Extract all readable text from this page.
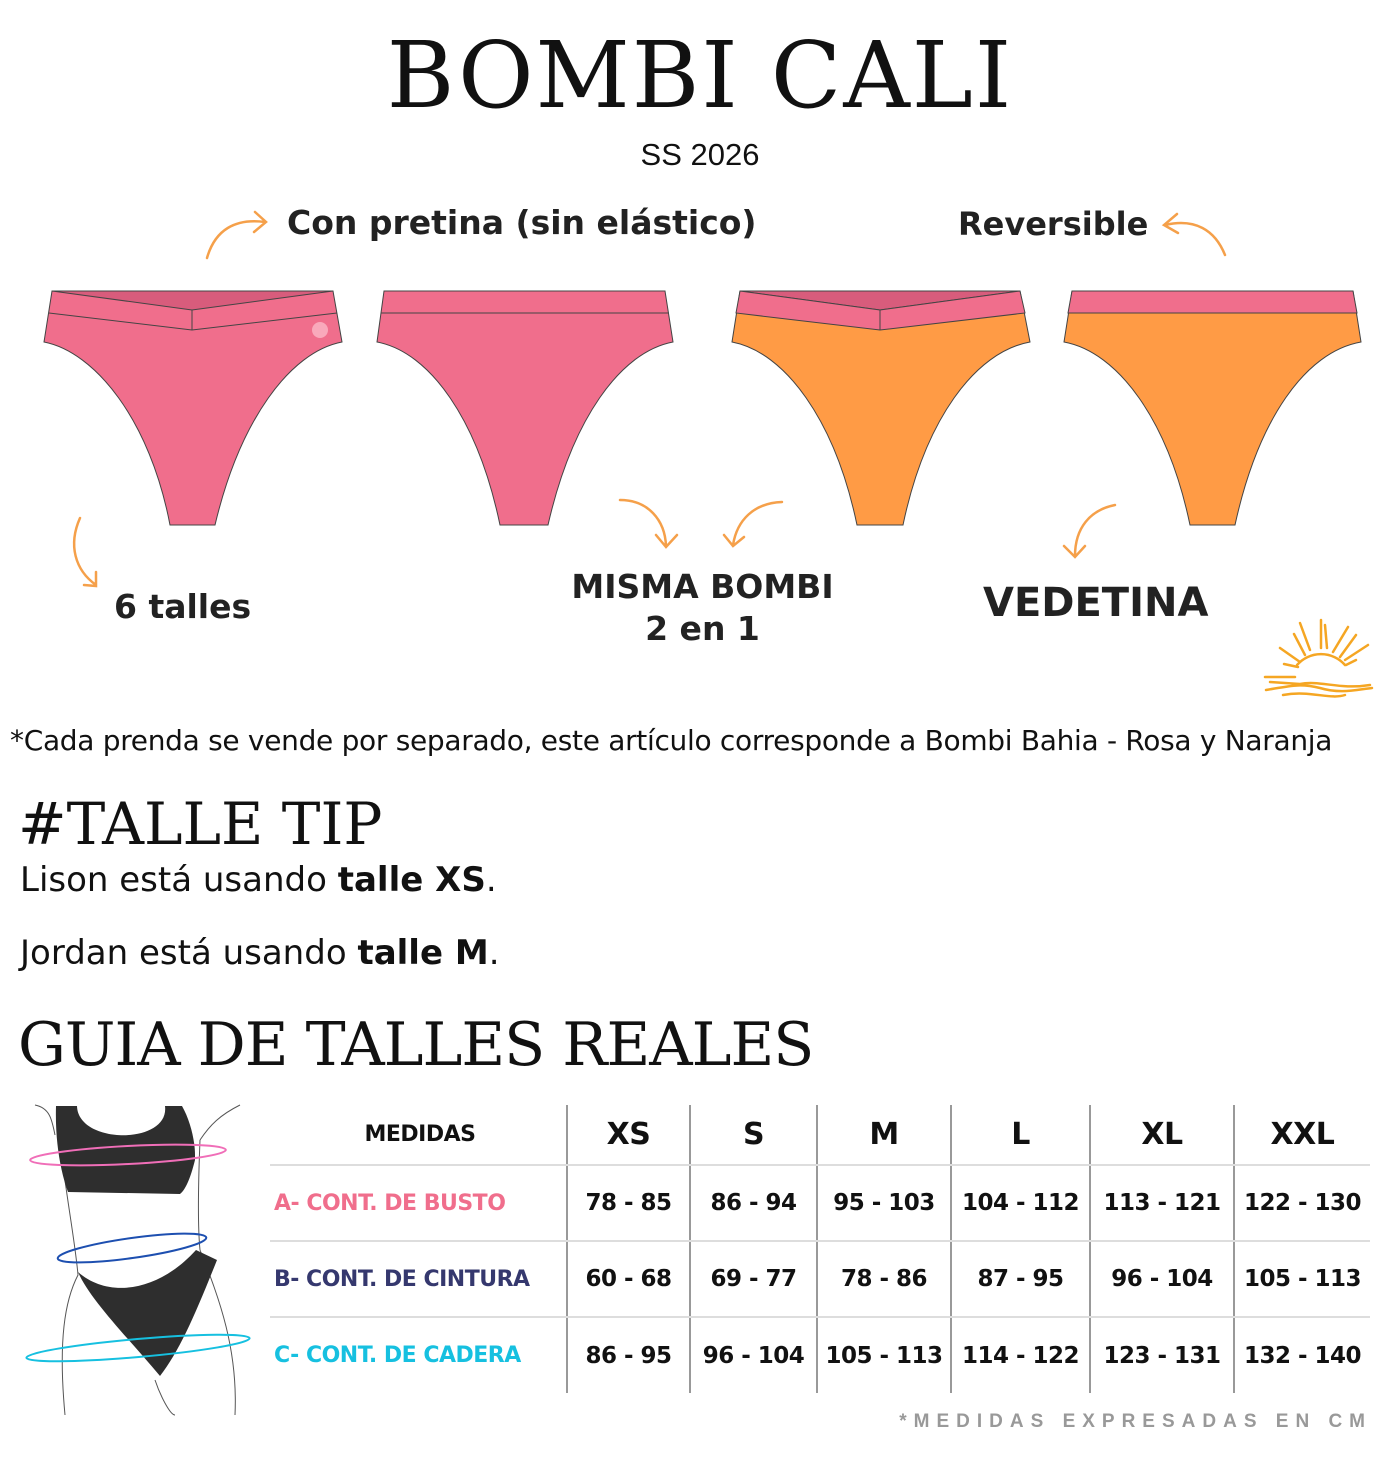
BOMBI CALI
SS 2026
Con pretina (sin elástico)	Reversible
6 talles
MISMA BOMBI
2 en 1
VEDETINA
*Cada prenda se vende por separado, este artículo corresponde a Bombi Bahia - Rosa y Naranja
#TALLE TIP
Lison está usando talle XS.
Jordan está usando talle M.
GUIA DE TALLES REALES
MEDIDAS	XS	S	M	L	XL	XXL
A- CONT. DE BUSTO	78 - 85	86 - 94	95 - 103	104 - 112	113 - 121	122 - 130
B- CONT. DE CINTURA	60 - 68	69 - 77	78 - 86	87 - 95	96 - 104	105 - 113
C- CONT. DE CADERA	86 - 95	96 - 104	105 - 113	114 - 122	123 - 131	132 - 140
*MEDIDAS EXPRESADAS EN CM
